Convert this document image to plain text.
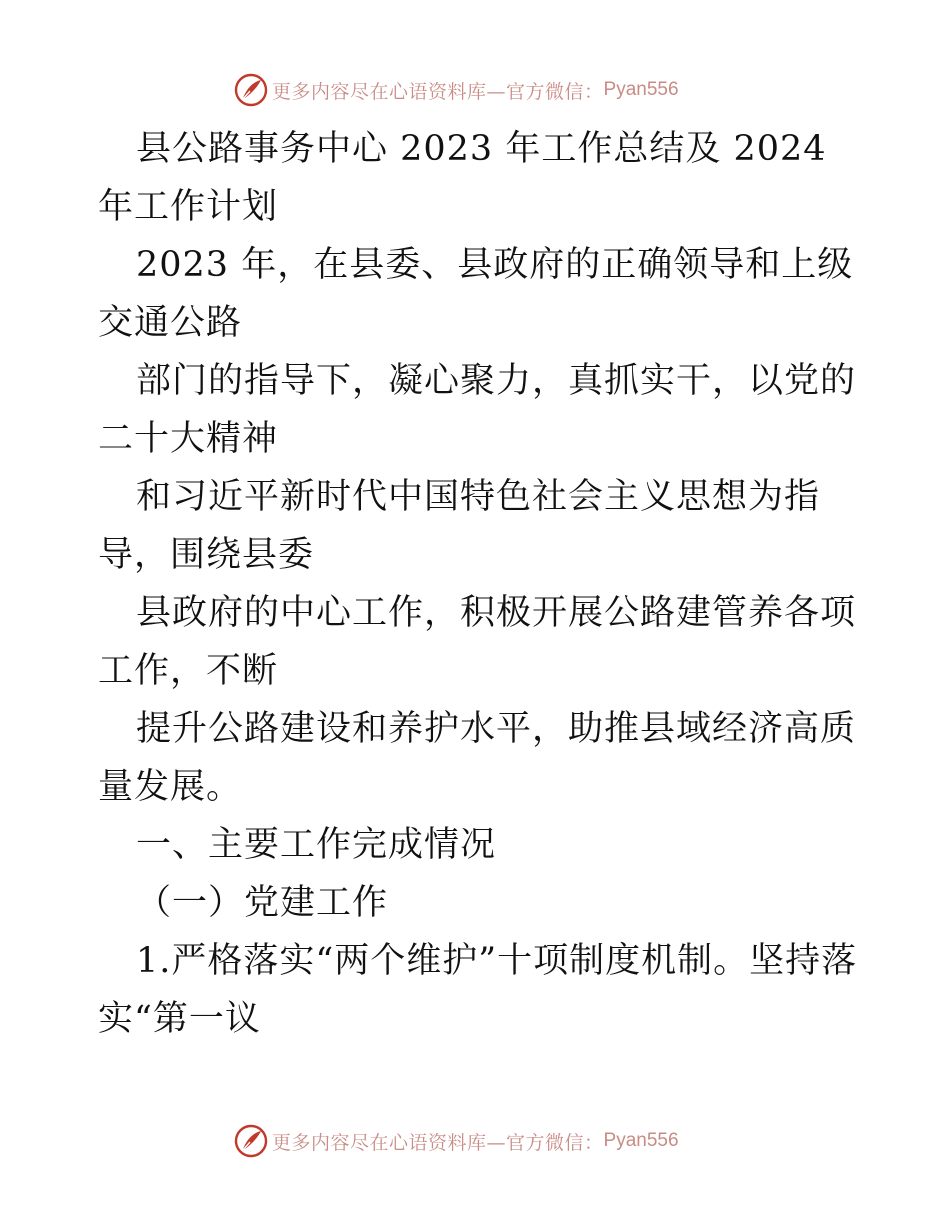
更多内容尽在心语资料库—官方微信： Pyan556

县公路事务中心 2023 年工作总结及 2024 年工作计划

2023 年，在县委、县政府的正确领导和上级交通公路

部门的指导下，凝心聚力，真抓实干，以党的二十大精神

和习近平新时代中国特色社会主义思想为指导，围绕县委

县政府的中心工作，积极开展公路建管养各项工作，不断

提升公路建设和养护水平，助推县域经济高质量发展。

一、主要工作完成情况

（一）党建工作

1.严格落实“两个维护”十项制度机制。坚持落实“第一议

更多内容尽在心语资料库—官方微信： Pyan556
